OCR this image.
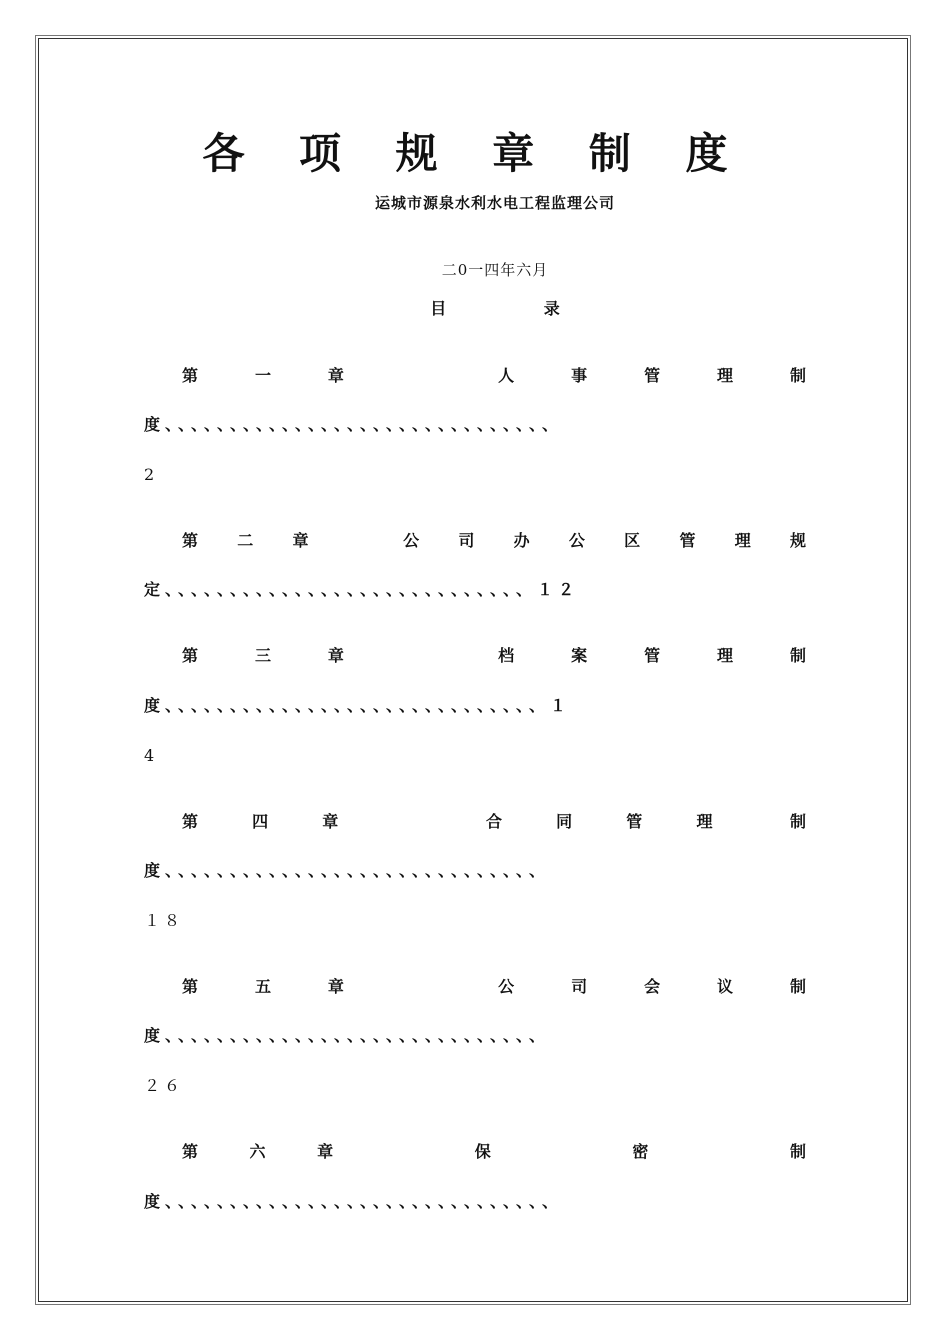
各 项 规 章 制 度
运城市源泉水利水电工程监理公司
二0一四年六月
目 录
第　　一　　章　　　　　　人　　事　　管　　理　　制
度、、、、、、、、、、、、、、、、、、、、、、、、、、、、、、
2
第　　二　　章　　　　　公　　司　　办　　公　　区　　管　　理　　规
定、、、、、、、、、、、、、、、、、、、、、、、、、、、、１２
第　　三　　章　　　　　　档　　案　　管　　理　　制
度、、、、、、、、、、、、、、、、、、、、、、、、、、、、、１
4
第　　四　　章　　　　　　合　　同　　管　　理　　　制
度、、、、、、、、、、、、、、、、、、、、、、、、、、、、、
１８
第　　五　　章　　　　　　公　　司　　会　　议　　制
度、、、、、、、、、、、、、、、、、、、、、、、、、、、、、
２６
第　　六　　章　　　　　　保　　　　　　密　　　　　　制
度、、、、、、、、、、、、、、、、、、、、、、、、、、、、、、
